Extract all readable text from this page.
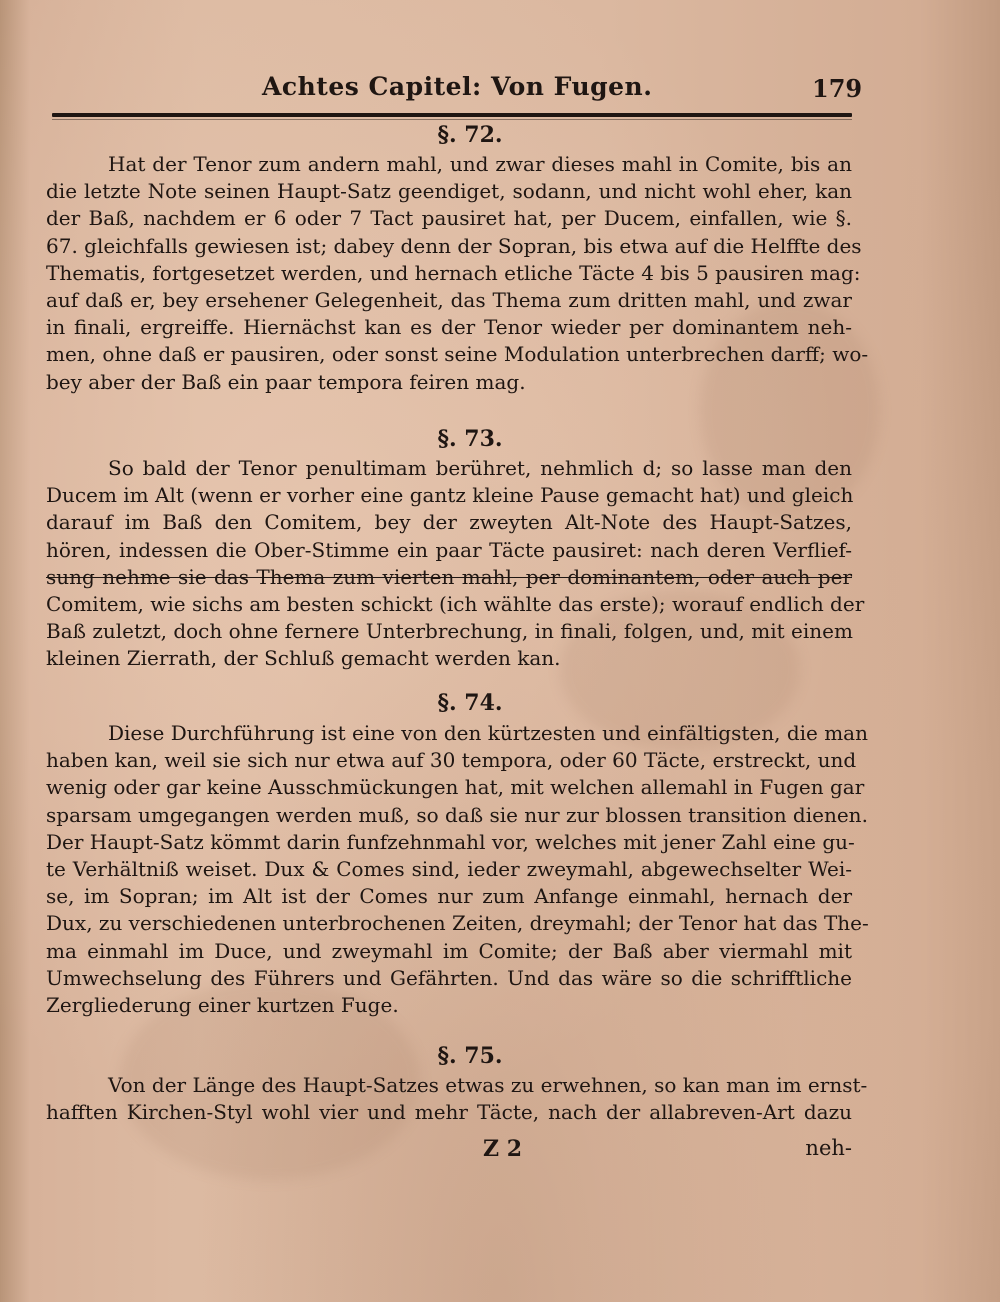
Achtes Capitel: Von Fugen.	179
§. 72.
Hat der Tenor zum andern mahl, und zwar dieses mahl in Comite, bis an
die letzte Note seinen Haupt-Satz geendiget, sodann, und nicht wohl eher, kan
der Baß, nachdem er 6 oder 7 Tact pausiret hat, per Ducem, einfallen, wie §.
67. gleichfalls gewiesen ist; dabey denn der Sopran, bis etwa auf die Helffte des
Thematis, fortgesetzet werden, und hernach etliche Täcte 4 bis 5 pausiren mag:
auf daß er, bey ersehener Gelegenheit, das Thema zum dritten mahl, und zwar
in finali, ergreiffe. Hiernächst kan es der Tenor wieder per dominantem neh-
men, ohne daß er pausiren, oder sonst seine Modulation unterbrechen darff; wo-
bey aber der Baß ein paar tempora feiren mag.
§. 73.
So bald der Tenor penultimam berühret, nehmlich d; so lasse man den
Ducem im Alt (wenn er vorher eine gantz kleine Pause gemacht hat) und gleich
darauf im Baß den Comitem, bey der zweyten Alt-Note des Haupt-Satzes,
hören, indessen die Ober-Stimme ein paar Täcte pausiret: nach deren Verflief-
sung nehme sie das Thema zum vierten mahl, per dominantem, oder auch per
Comitem, wie sichs am besten schickt (ich wählte das erste); worauf endlich der
Baß zuletzt, doch ohne fernere Unterbrechung, in finali, folgen, und, mit einem
kleinen Zierrath, der Schluß gemacht werden kan.
§. 74.
Diese Durchführung ist eine von den kürtzesten und einfältigsten, die man
haben kan, weil sie sich nur etwa auf 30 tempora, oder 60 Täcte, erstreckt, und
wenig oder gar keine Ausschmückungen hat, mit welchen allemahl in Fugen gar
sparsam umgegangen werden muß, so daß sie nur zur blossen transition dienen.
Der Haupt-Satz kömmt darin funfzehnmahl vor, welches mit jener Zahl eine gu-
te Verhältniß weiset. Dux & Comes sind, ieder zweymahl, abgewechselter Wei-
se, im Sopran; im Alt ist der Comes nur zum Anfange einmahl, hernach der
Dux, zu verschiedenen unterbrochenen Zeiten, dreymahl; der Tenor hat das The-
ma einmahl im Duce, und zweymahl im Comite; der Baß aber viermahl mit
Umwechselung des Führers und Gefährten. Und das wäre so die schrifftliche
Zergliederung einer kurtzen Fuge.
§. 75.
Von der Länge des Haupt-Satzes etwas zu erwehnen, so kan man im ernst-
hafften Kirchen-Styl wohl vier und mehr Täcte, nach der allabreven-Art dazu
Z 2	neh-
